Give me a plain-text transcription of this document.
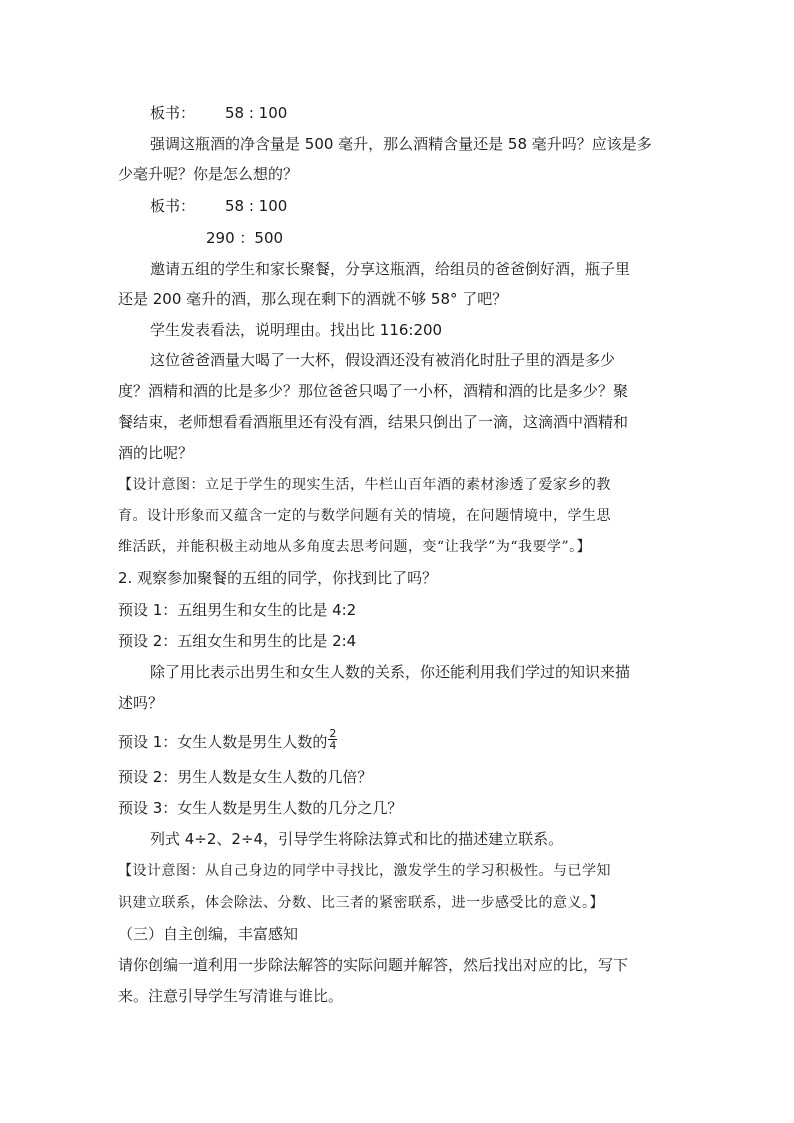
板书： 58 : 100
强调这瓶酒的净含量是 500 毫升，那么酒精含量还是 58 毫升吗？应该是多
少毫升呢？你是怎么想的？
板书： 58 : 100
290 ：500
邀请五组的学生和家长聚餐，分享这瓶酒，给组员的爸爸倒好酒，瓶子里
还是 200 毫升的酒，那么现在剩下的酒就不够 58° 了吧？
学生发表看法，说明理由。找出比 116:200
这位爸爸酒量大喝了一大杯，假设酒还没有被消化时肚子里的酒是多少
度？酒精和酒的比是多少？那位爸爸只喝了一小杯，酒精和酒的比是多少？聚
餐结束，老师想看看酒瓶里还有没有酒，结果只倒出了一滴，这滴酒中酒精和
酒的比呢？
【设计意图：立足于学生的现实生活，牛栏山百年酒的素材渗透了爱家乡的教
育。设计形象而又蕴含一定的与数学问题有关的情境，在问题情境中，学生思
维活跃，并能积极主动地从多角度去思考问题，变“让我学”为“我要学”。】
2. 观察参加聚餐的五组的同学，你找到比了吗？
预设 1：五组男生和女生的比是 4:2
预设 2：五组女生和男生的比是 2:4
除了用比表示出男生和女生人数的关系，你还能利用我们学过的知识来描
述吗？
预设 1：女生人数是男生人数的 $\frac{2}{4}$
预设 2：男生人数是女生人数的几倍？
预设 3：女生人数是男生人数的几分之几？
列式 4÷2、2÷4，引导学生将除法算式和比的描述建立联系。
【设计意图：从自己身边的同学中寻找比，激发学生的学习积极性。与已学知
识建立联系，体会除法、分数、比三者的紧密联系，进一步感受比的意义。】
（三）自主创编，丰富感知
请你创编一道利用一步除法解答的实际问题并解答，然后找出对应的比，写下
来。注意引导学生写清谁与谁比。
